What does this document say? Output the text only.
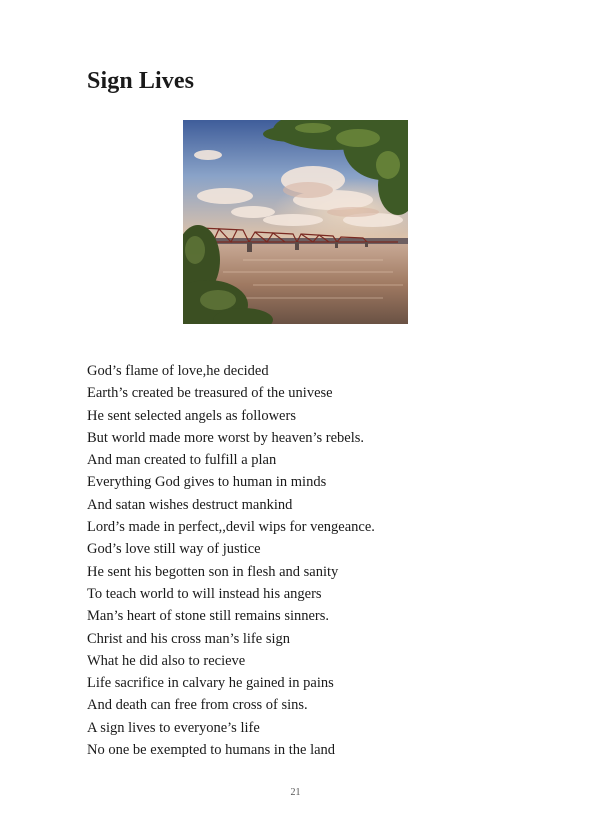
Sign Lives
God’s flame of love,he decided
Earth’s created be treasured of the univese
He sent selected angels as followers
But world made more worst by heaven’s rebels.
And man created to fulfill a plan
Everything God gives to human in minds
And satan wishes destruct mankind
Lord’s made in perfect,,devil wips for vengeance.
God’s love still way of justice
He sent his begotten son in flesh and sanity
To teach world to will instead his angers
Man’s heart of stone still remains sinners.
Christ and his cross man’s life sign
What he did also to recieve
Life sacrifice in calvary he gained in pains
And death can free from cross of sins.
A sign lives to everyone’s life
No one be exempted to humans in the land
21
